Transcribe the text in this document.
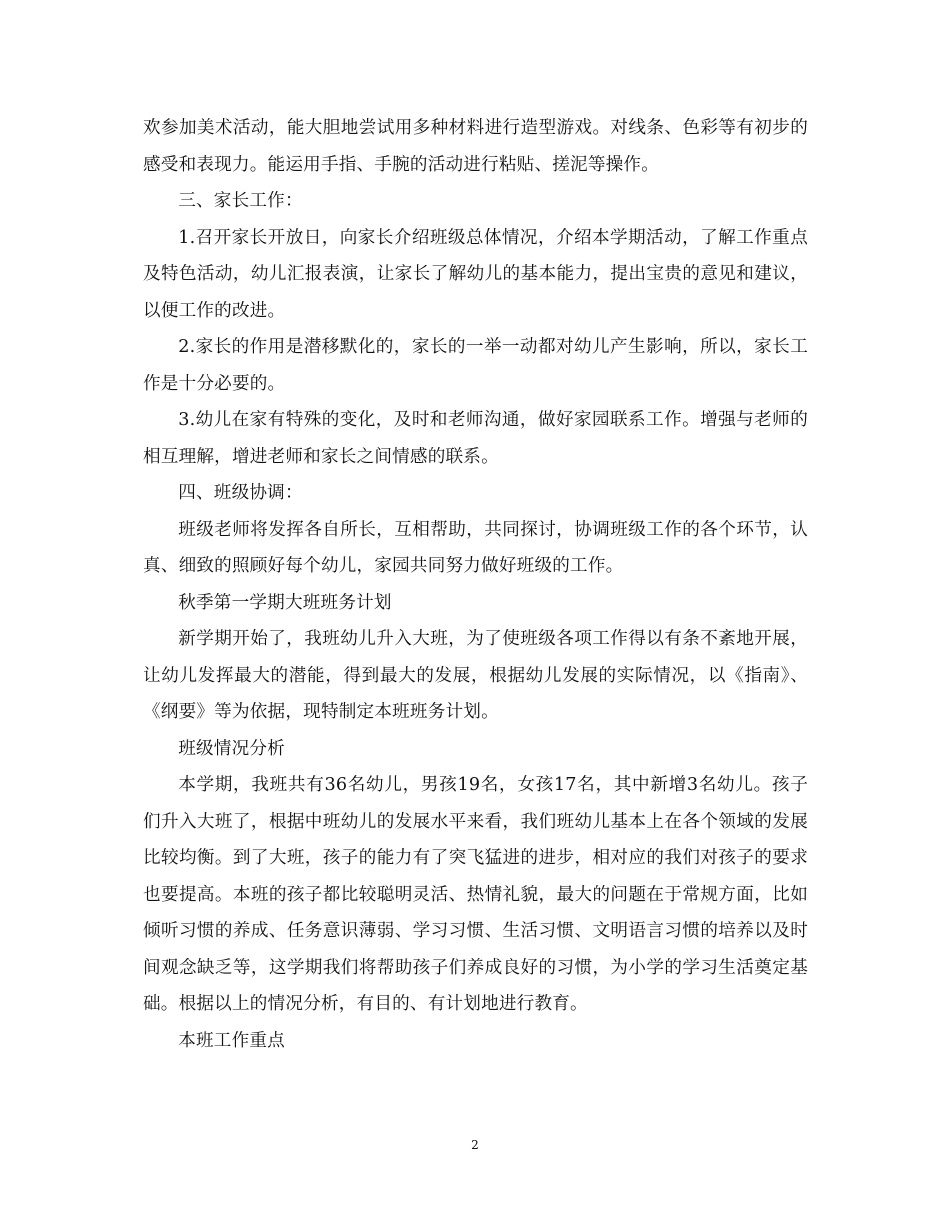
欢参加美术活动，能大胆地尝试用多种材料进行造型游戏。对线条、色彩等有初步的感受和表现力。能运用手指、手腕的活动进行粘贴、搓泥等操作。

三、家长工作：

1.召开家长开放日，向家长介绍班级总体情况，介绍本学期活动，了解工作重点及特色活动，幼儿汇报表演，让家长了解幼儿的基本能力，提出宝贵的意见和建议，以便工作的改进。

2.家长的作用是潜移默化的，家长的一举一动都对幼儿产生影响，所以，家长工作是十分必要的。

3.幼儿在家有特殊的变化，及时和老师沟通，做好家园联系工作。增强与老师的相互理解，增进老师和家长之间情感的联系。

四、班级协调：

班级老师将发挥各自所长，互相帮助，共同探讨，协调班级工作的各个环节，认真、细致的照顾好每个幼儿，家园共同努力做好班级的工作。

秋季第一学期大班班务计划

新学期开始了，我班幼儿升入大班，为了使班级各项工作得以有条不紊地开展，让幼儿发挥最大的潜能，得到最大的发展，根据幼儿发展的实际情况，以《指南》、《纲要》等为依据，现特制定本班班务计划。

班级情况分析

本学期，我班共有36名幼儿，男孩19名，女孩17名，其中新增3名幼儿。孩子们升入大班了，根据中班幼儿的发展水平来看，我们班幼儿基本上在各个领域的发展比较均衡。到了大班，孩子的能力有了突飞猛进的进步，相对应的我们对孩子的要求也要提高。本班的孩子都比较聪明灵活、热情礼貌，最大的问题在于常规方面，比如倾听习惯的养成、任务意识薄弱、学习习惯、生活习惯、文明语言习惯的培养以及时间观念缺乏等，这学期我们将帮助孩子们养成良好的习惯，为小学的学习生活奠定基础。根据以上的情况分析，有目的、有计划地进行教育。

本班工作重点

2
